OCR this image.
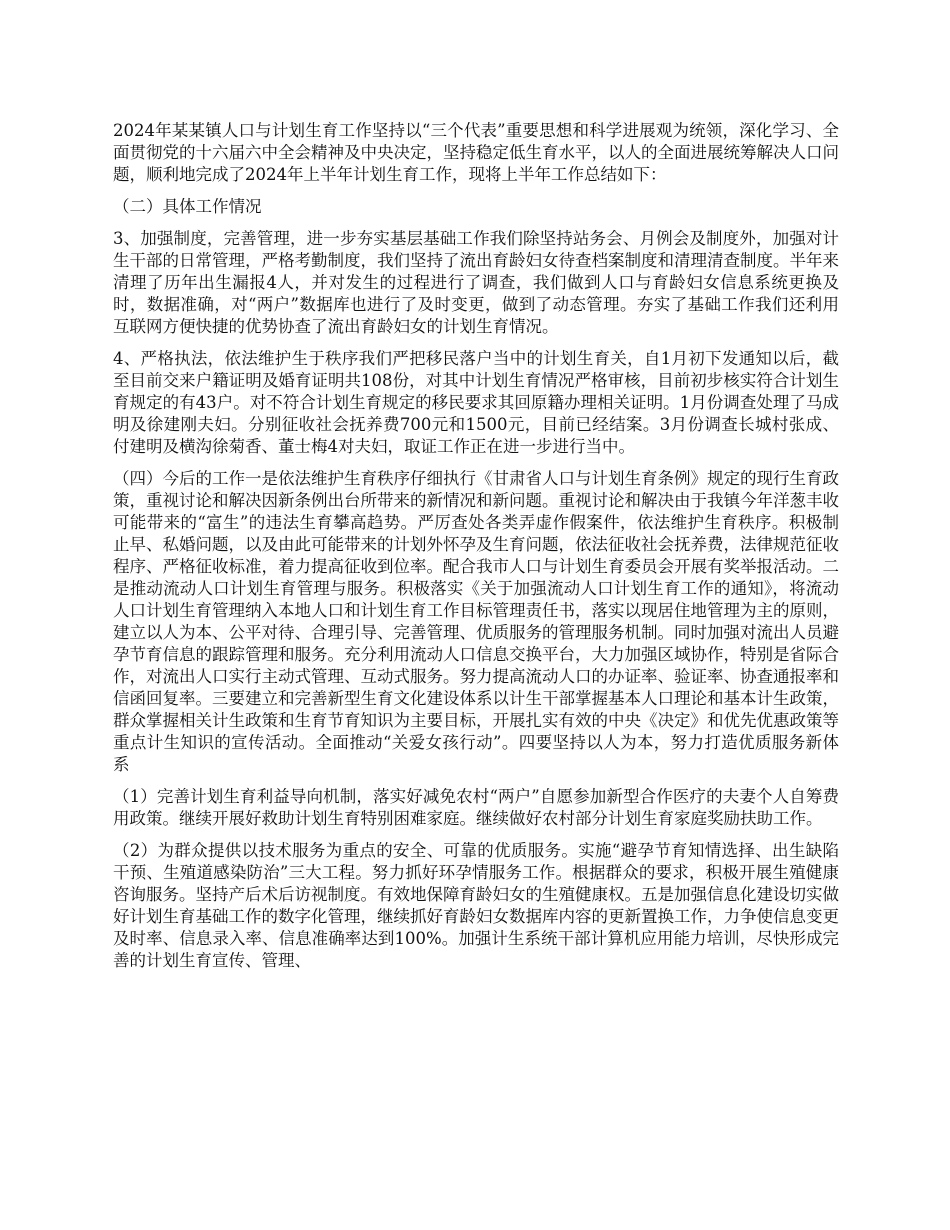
2024年某某镇人口与计划生育工作坚持以“三个代表”重要思想和科学进展观为统领，深化学习、全面贯彻党的十六届六中全会精神及中央决定，坚持稳定低生育水平，以人的全面进展统筹解决人口问题，顺利地完成了2024年上半年计划生育工作，现将上半年工作总结如下：

（二）具体工作情况

3、加强制度，完善管理，进一步夯实基层基础工作我们除坚持站务会、月例会及制度外，加强对计生干部的日常管理，严格考勤制度，我们坚持了流出育龄妇女待查档案制度和清理清查制度。半年来清理了历年出生漏报4人，并对发生的过程进行了调查，我们做到人口与育龄妇女信息系统更换及时，数据准确，对“两户”数据库也进行了及时变更，做到了动态管理。夯实了基础工作我们还利用互联网方便快捷的优势协查了流出育龄妇女的计划生育情况。

4、严格执法，依法维护生于秩序我们严把移民落户当中的计划生育关，自1月初下发通知以后，截至目前交来户籍证明及婚育证明共108份，对其中计划生育情况严格审核，目前初步核实符合计划生育规定的有43户。对不符合计划生育规定的移民要求其回原籍办理相关证明。1月份调查处理了马成明及徐建刚夫妇。分别征收社会抚养费700元和1500元，目前已经结案。3月份调查长城村张成、付建明及横沟徐菊香、董士梅4对夫妇，取证工作正在进一步进行当中。

（四）今后的工作一是依法维护生育秩序仔细执行《甘肃省人口与计划生育条例》规定的现行生育政策，重视讨论和解决因新条例出台所带来的新情况和新问题。重视讨论和解决由于我镇今年洋葱丰收可能带来的“富生”的违法生育攀高趋势。严厉查处各类弄虚作假案件，依法维护生育秩序。积极制止早、私婚问题，以及由此可能带来的计划外怀孕及生育问题，依法征收社会抚养费，法律规范征收程序、严格征收标准，着力提高征收到位率。配合我市人口与计划生育委员会开展有奖举报活动。二是推动流动人口计划生育管理与服务。积极落实《关于加强流动人口计划生育工作的通知》，将流动人口计划生育管理纳入本地人口和计划生育工作目标管理责任书，落实以现居住地管理为主的原则，建立以人为本、公平对待、合理引导、完善管理、优质服务的管理服务机制。同时加强对流出人员避孕节育信息的跟踪管理和服务。充分利用流动人口信息交换平台，大力加强区域协作，特别是省际合作，对流出人口实行主动式管理、互动式服务。努力提高流动人口的办证率、验证率、协查通报率和信函回复率。三要建立和完善新型生育文化建设体系以计生干部掌握基本人口理论和基本计生政策，群众掌握相关计生政策和生育节育知识为主要目标，开展扎实有效的中央《决定》和优先优惠政策等重点计生知识的宣传活动。全面推动“关爱女孩行动”。四要坚持以人为本，努力打造优质服务新体系

（1）完善计划生育利益导向机制，落实好减免农村“两户”自愿参加新型合作医疗的夫妻个人自筹费用政策。继续开展好救助计划生育特别困难家庭。继续做好农村部分计划生育家庭奖励扶助工作。

（2）为群众提供以技术服务为重点的安全、可靠的优质服务。实施“避孕节育知情选择、出生缺陷干预、生殖道感染防治”三大工程。努力抓好环孕情服务工作。根据群众的要求，积极开展生殖健康咨询服务。坚持产后术后访视制度。有效地保障育龄妇女的生殖健康权。五是加强信息化建设切实做好计划生育基础工作的数字化管理，继续抓好育龄妇女数据库内容的更新置换工作，力争使信息变更及时率、信息录入率、信息准确率达到100%。加强计生系统干部计算机应用能力培训，尽快形成完善的计划生育宣传、管理、
